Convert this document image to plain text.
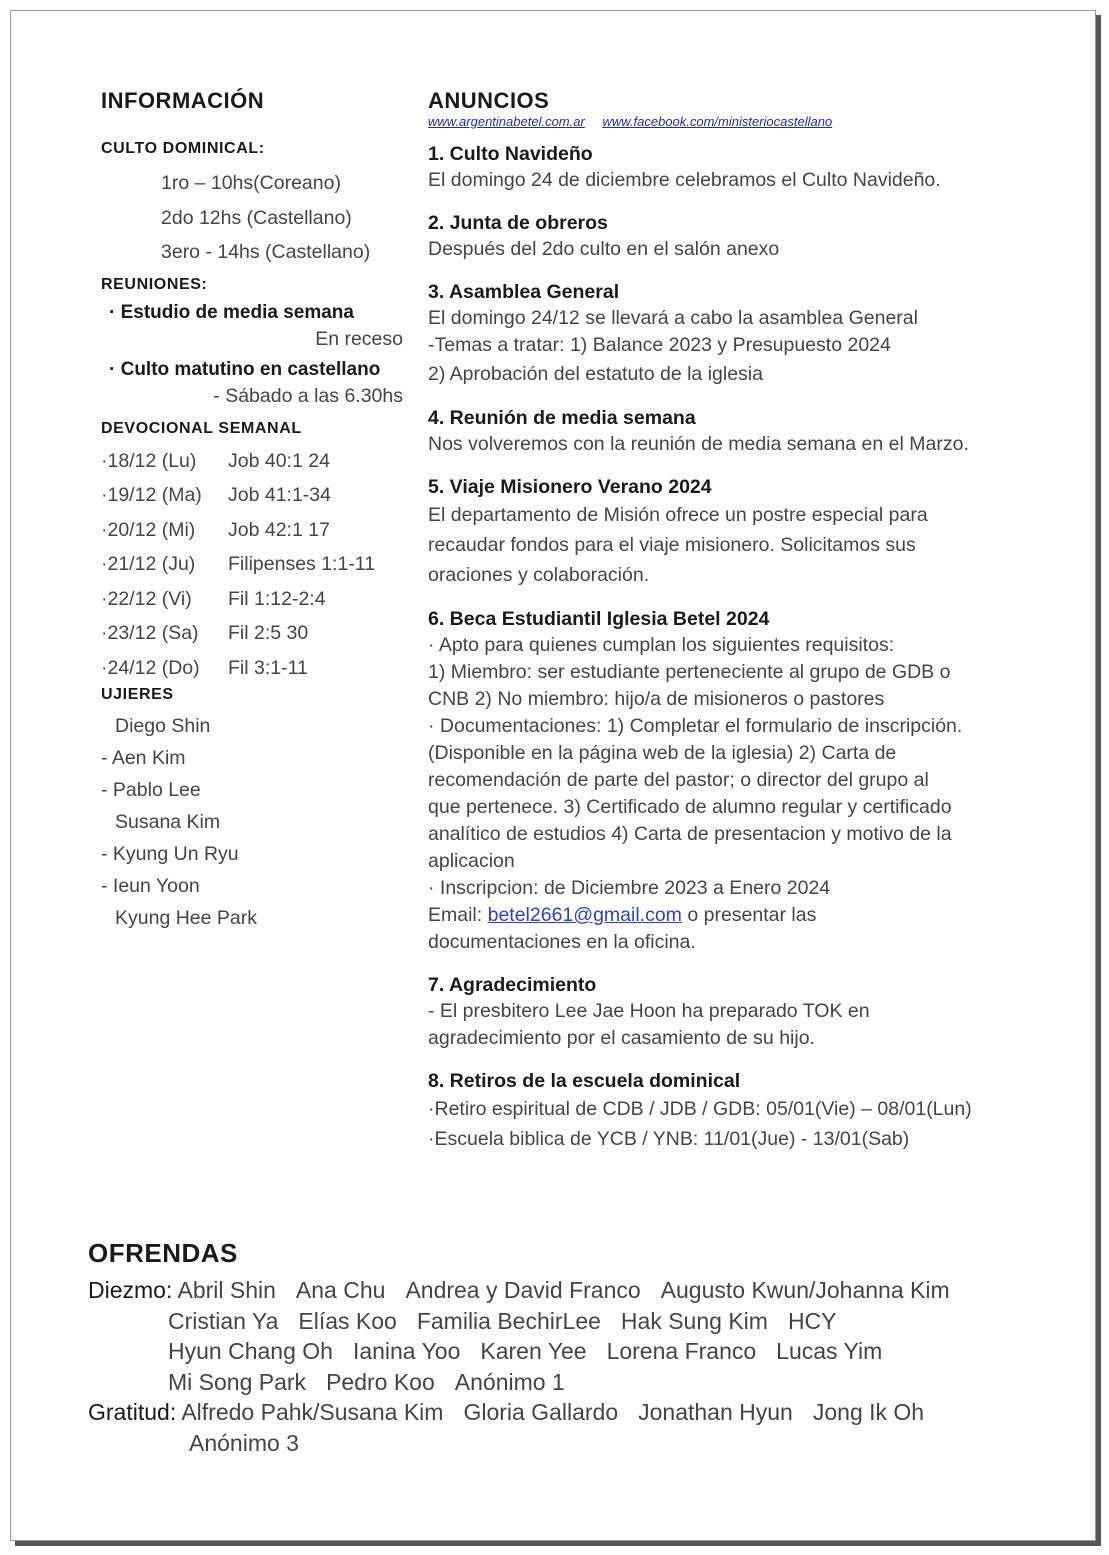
INFORMACIÓN
CULTO DOMINICAL:
1ro – 10hs(Coreano)
2do 12hs (Castellano)
3ero - 14hs (Castellano)
REUNIONES:
· Estudio de media semana
En receso
· Culto matutino en castellano
- Sábado a las 6.30hs
DEVOCIONAL SEMANAL
·18/12 (Lu)	Job 40:1 24
·19/12 (Ma)	Job 41:1-34
·20/12 (Mi)	Job 42:1 17
·21/12 (Ju)	Filipenses 1:1-11
·22/12 (Vi)	Fil 1:12-2:4
·23/12 (Sa)	Fil 2:5 30
·24/12 (Do)	Fil 3:1-11
UJIERES
Diego Shin
- Aen Kim
- Pablo Lee
Susana Kim
- Kyung Un Ryu
- Ieun Yoon
Kyung Hee Park
ANUNCIOS
www.argentinabetel.com.ar www.facebook.com/ministeriocastellano
1. Culto Navideño
El domingo 24 de diciembre celebramos el Culto Navideño.
2. Junta de obreros
Después del 2do culto en el salón anexo
3. Asamblea General
El domingo 24/12 se llevará a cabo la asamblea General
-Temas a tratar: 1) Balance 2023 y Presupuesto 2024
2) Aprobación del estatuto de la iglesia
4. Reunión de media semana
Nos volveremos con la reunión de media semana en el Marzo.
5. Viaje Misionero Verano 2024
El departamento de Misión ofrece un postre especial para
recaudar fondos para el viaje misionero. Solicitamos sus
oraciones y colaboración.
6. Beca Estudiantil Iglesia Betel 2024
· Apto para quienes cumplan los siguientes requisitos:
1) Miembro: ser estudiante perteneciente al grupo de GDB o
CNB 2) No miembro: hijo/a de misioneros o pastores
· Documentaciones: 1) Completar el formulario de inscripción.
(Disponible en la página web de la iglesia) 2) Carta de
recomendación de parte del pastor; o director del grupo al
que pertenece. 3) Certificado de alumno regular y certificado
analítico de estudios 4) Carta de presentacion y motivo de la
aplicacion
· Inscripcion: de Diciembre 2023 a Enero 2024
Email: betel2661@gmail.com o presentar las
documentaciones en la oficina.
7. Agradecimiento
- El presbitero Lee Jae Hoon ha preparado TOK en
agradecimiento por el casamiento de su hijo.
8. Retiros de la escuela dominical
·Retiro espiritual de CDB / JDB / GDB: 05/01(Vie) – 08/01(Lun)
·Escuela biblica de YCB / YNB: 11/01(Jue) - 13/01(Sab)
OFRENDAS
Diezmo: Abril Shin Ana Chu Andrea y David Franco Augusto Kwun/Johanna Kim
Cristian Ya Elías Koo Familia BechirLee Hak Sung Kim HCY
Hyun Chang Oh Ianina Yoo Karen Yee Lorena Franco Lucas Yim
Mi Song Park Pedro Koo Anónimo 1
Gratitud: Alfredo Pahk/Susana Kim Gloria Gallardo Jonathan Hyun Jong Ik Oh
Anónimo 3
